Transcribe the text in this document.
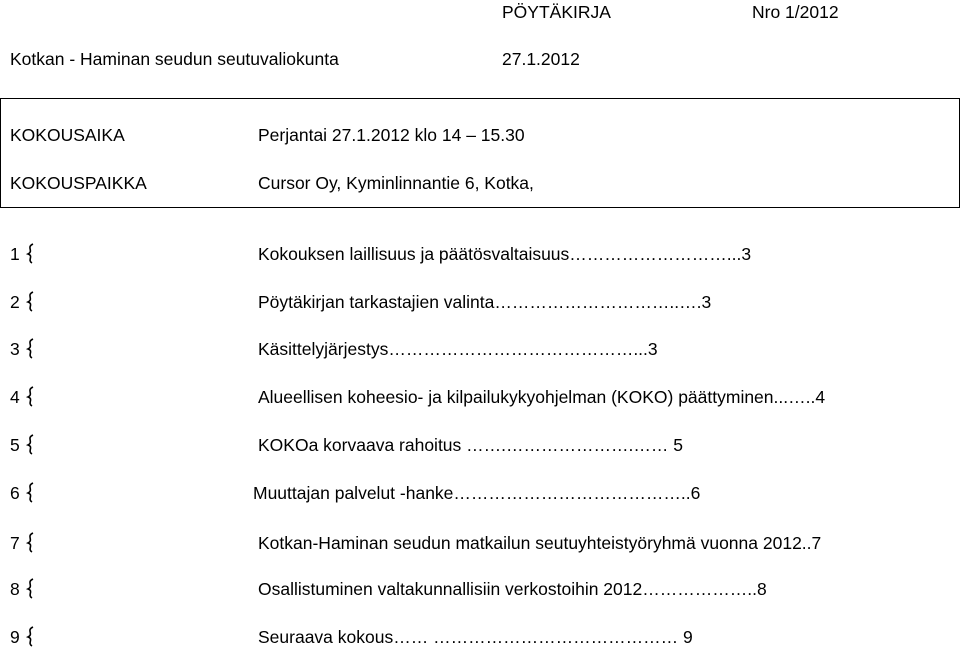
PÖYTÄKIRJA	Nro 1/2012
Kotkan - Haminan seudun seutuvaliokunta	27.1.2012
KOKOUSAIKA	Perjantai 27.1.2012 klo 14 – 15.30
KOKOUSPAIKKA	Cursor Oy, Kyminlinnantie 6, Kotka,
1	Kokouksen laillisuus ja päätösvaltaisuus………………………...3
2	Pöytäkirjan tarkastajien valinta…………………………..….3
3	Käsittelyjärjestys……………………………………...3
4	Alueellisen koheesio- ja kilpailukykyohjelman (KOKO) päättyminen...…..4
5	KOKOa korvaava rahoitus …….………………….…… 5
6	Muuttajan palvelut -hanke…………………………………..6
7	Kotkan-Haminan seudun matkailun seutuyhteistyöryhmä vuonna 2012..7
8	Osallistuminen valtakunnallisiin verkostoihin 2012………………..8
9	Seuraava kokous…… …………………………………… 9
